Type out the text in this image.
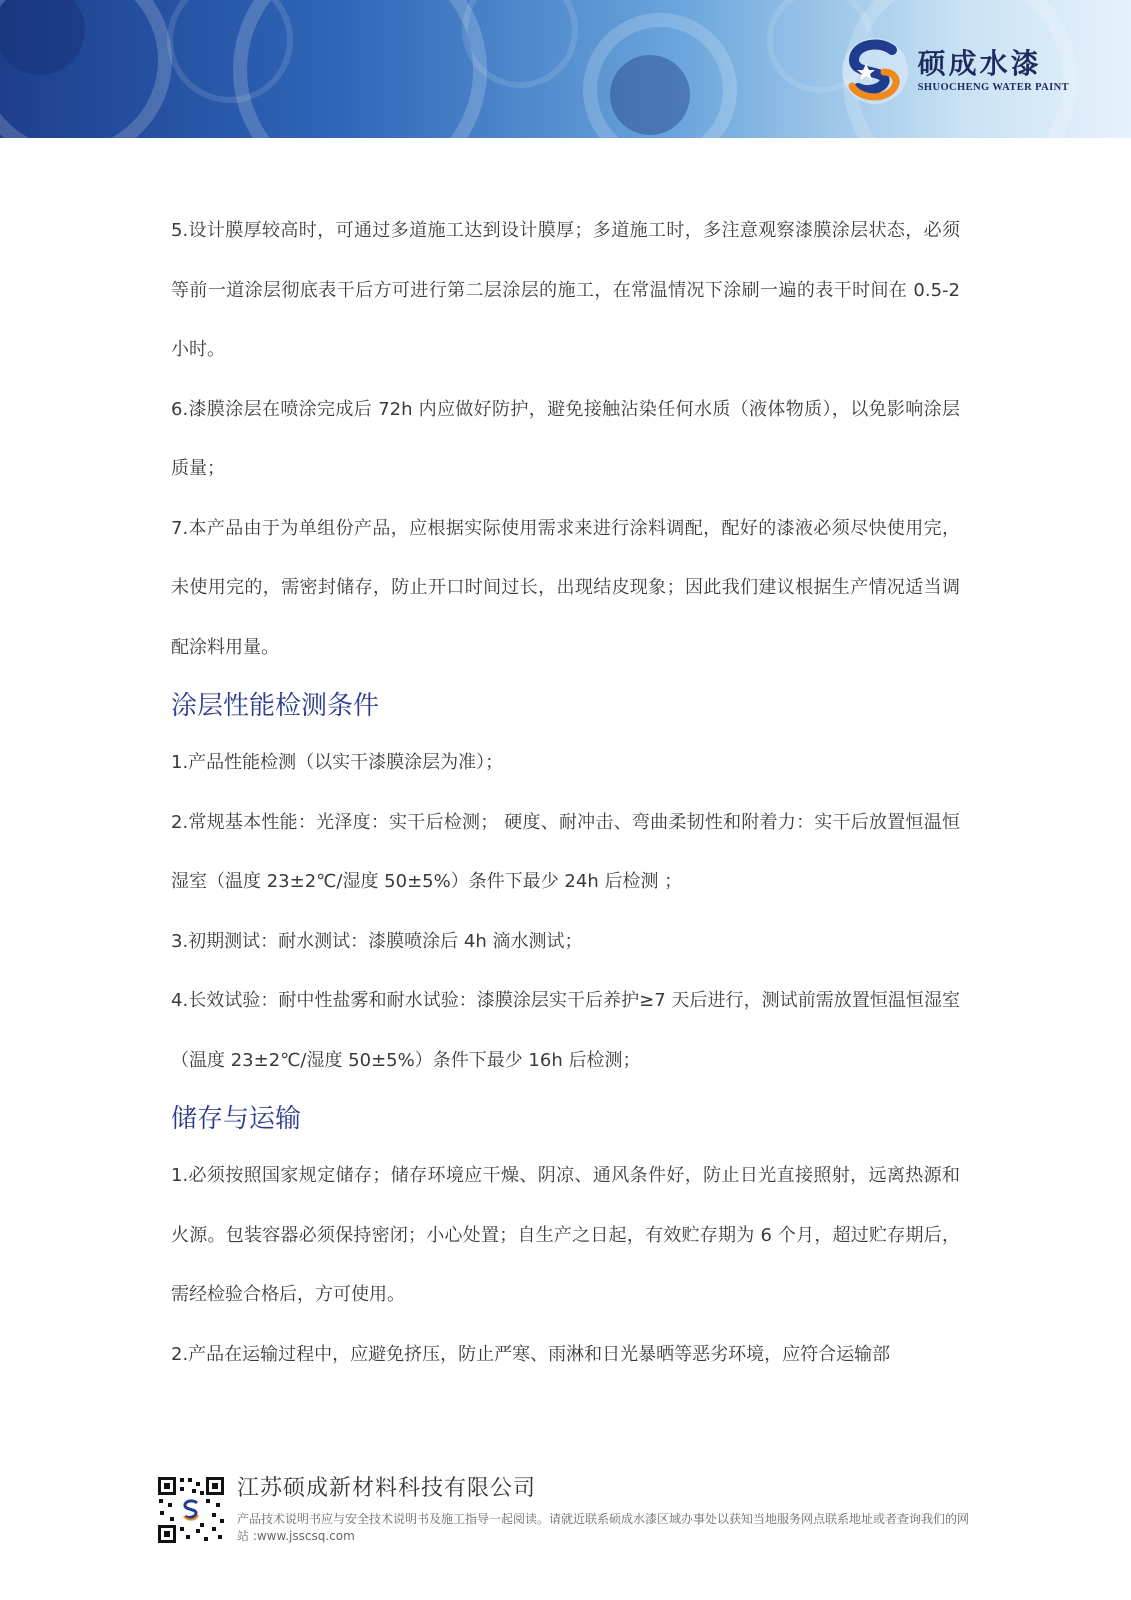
硕成水漆
SHUOCHENG WATER PAINT

5.设计膜厚较高时，可通过多道施工达到设计膜厚；多道施工时，多注意观察漆膜涂层状态，必须等前一道涂层彻底表干后方可进行第二层涂层的施工，在常温情况下涂刷一遍的表干时间在 0.5-2 小时。

6.漆膜涂层在喷涂完成后 72h 内应做好防护，避免接触沾染任何水质（液体物质），以免影响涂层质量；

7.本产品由于为单组份产品，应根据实际使用需求来进行涂料调配，配好的漆液必须尽快使用完，未使用完的，需密封储存，防止开口时间过长，出现结皮现象；因此我们建议根据生产情况适当调配涂料用量。

涂层性能检测条件

1.产品性能检测（以实干漆膜涂层为准）；

2.常规基本性能：光泽度：实干后检测； 硬度、耐冲击、弯曲柔韧性和附着力：实干后放置恒温恒湿室（温度 23±2℃/湿度 50±5%）条件下最少 24h 后检测 ；

3.初期测试：耐水测试：漆膜喷涂后 4h 滴水测试；

4.长效试验：耐中性盐雾和耐水试验：漆膜涂层实干后养护≥7 天后进行，测试前需放置恒温恒湿室（温度 23±2℃/湿度 50±5%）条件下最少 16h 后检测；

储存与运输

1.必须按照国家规定储存；储存环境应干燥、阴凉、通风条件好，防止日光直接照射，远离热源和火源。包装容器必须保持密闭；小心处置；自生产之日起，有效贮存期为 6 个月，超过贮存期后，需经检验合格后，方可使用。

2.产品在运输过程中，应避免挤压，防止严寒、雨淋和日光暴晒等恶劣环境，应符合运输部

江苏硕成新材料科技有限公司
产品技术说明书应与安全技术说明书及施工指导一起阅读。请就近联系硕成水漆区域办事处以获知当地服务网点联系地址或者查询我们的网站 :www.jsscsq.com
